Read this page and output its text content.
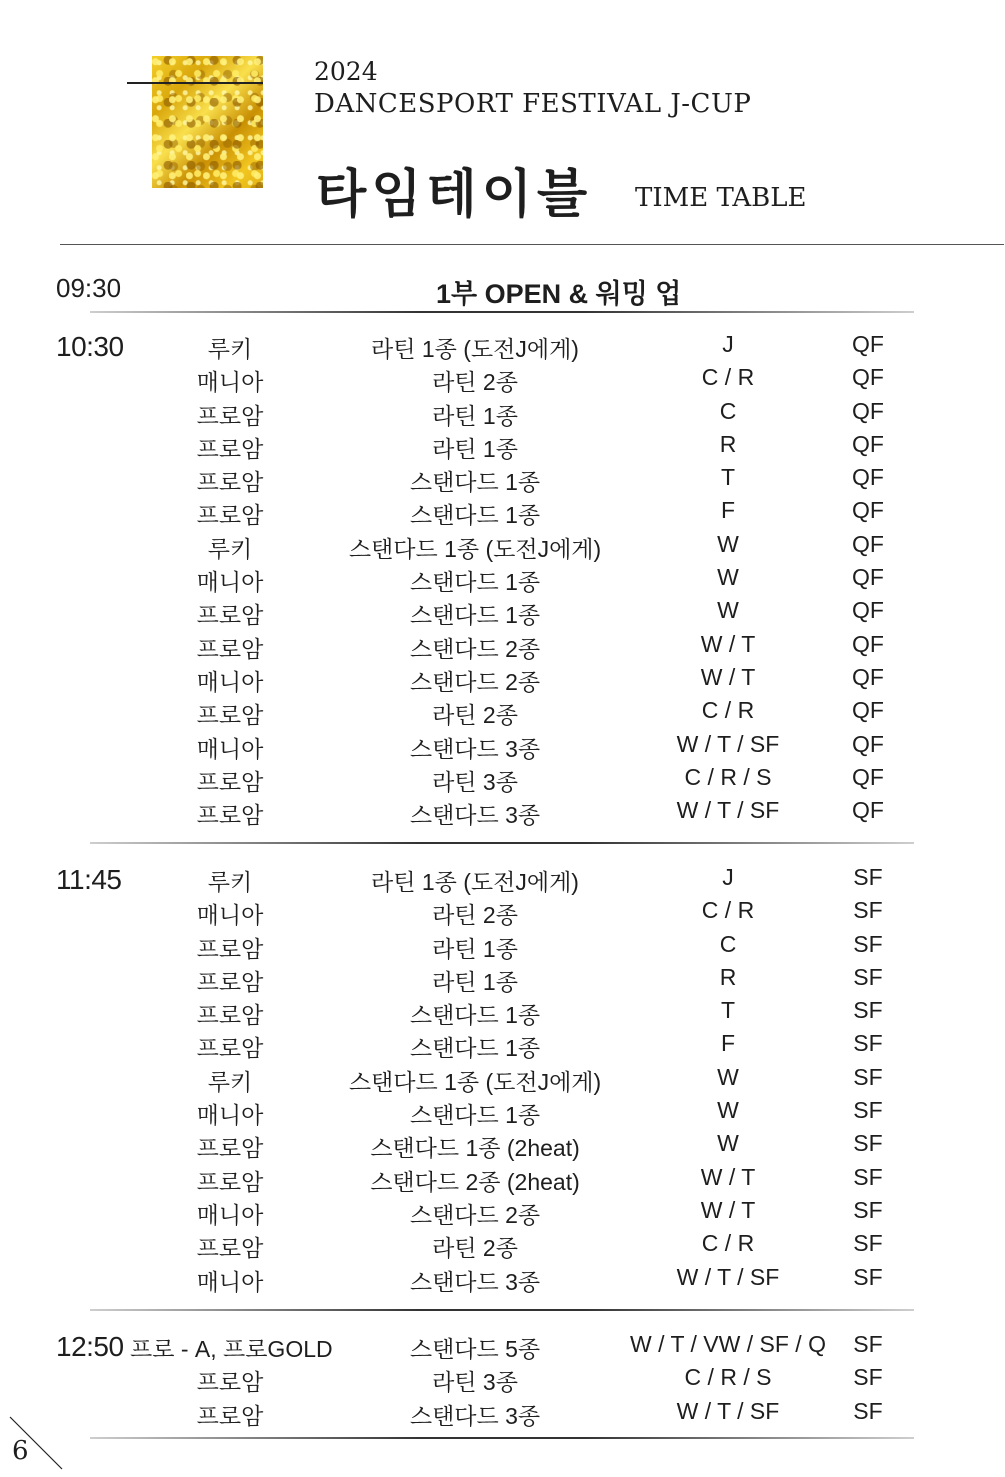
2024
DANCESPORT FESTIVAL J-CUP
타임테이블 TIME TABLE
09:30	1부 OPEN & 워밍 업
10:30	루키	라틴 1종 (도전J에게)	J	QF
매니아	라틴 2종	C / R	QF
프로암	라틴 1종	C	QF
프로암	라틴 1종	R	QF
프로암	스탠다드 1종	T	QF
프로암	스탠다드 1종	F	QF
루키	스탠다드 1종 (도전J에게)	W	QF
매니아	스탠다드 1종	W	QF
프로암	스탠다드 1종	W	QF
프로암	스탠다드 2종	W / T	QF
매니아	스탠다드 2종	W / T	QF
프로암	라틴 2종	C / R	QF
매니아	스탠다드 3종	W / T / SF	QF
프로암	라틴 3종	C / R / S	QF
프로암	스탠다드 3종	W / T / SF	QF
11:45	루키	라틴 1종 (도전J에게)	J	SF
매니아	라틴 2종	C / R	SF
프로암	라틴 1종	C	SF
프로암	라틴 1종	R	SF
프로암	스탠다드 1종	T	SF
프로암	스탠다드 1종	F	SF
루키	스탠다드 1종 (도전J에게)	W	SF
매니아	스탠다드 1종	W	SF
프로암	스탠다드 1종 (2heat)	W	SF
프로암	스탠다드 2종 (2heat)	W / T	SF
매니아	스탠다드 2종	W / T	SF
프로암	라틴 2종	C / R	SF
매니아	스탠다드 3종	W / T / SF	SF
12:50 프로 - A, 프로GOLD	스탠다드 5종	W / T / VW / SF / Q	SF
프로암	라틴 3종	C / R / S	SF
프로암	스탠다드 3종	W / T / SF	SF
6
